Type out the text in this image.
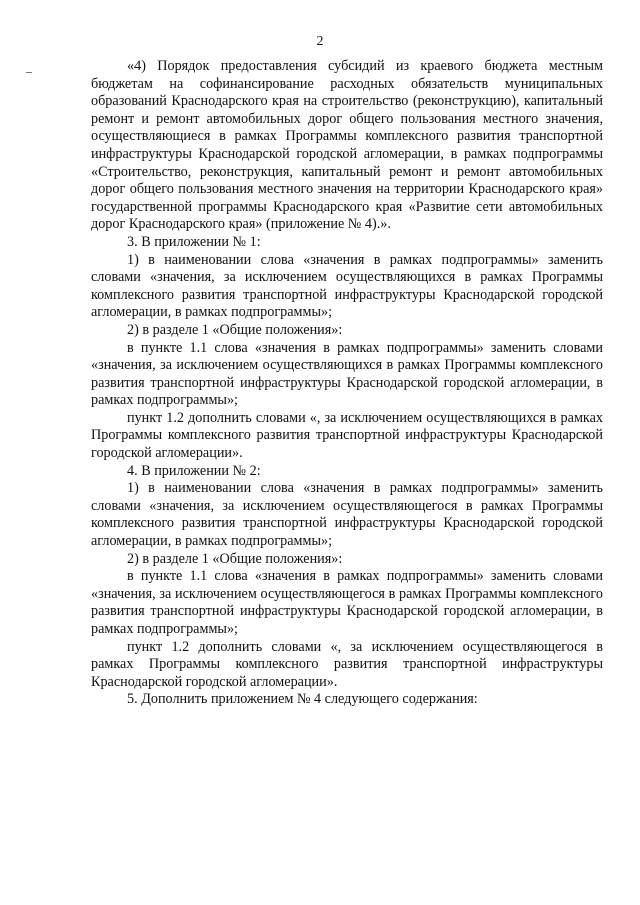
2

«4) Порядок предоставления субсидий из краевого бюджета местным бюджетам на софинансирование расходных обязательств муниципальных образований Краснодарского края на строительство (реконструкцию), капитальный ремонт и ремонт автомобильных дорог общего пользования местного значения, осуществляющиеся в рамках Программы комплексного развития транспортной инфраструктуры Краснодарской городской агломерации, в рамках подпрограммы «Строительство, реконструкция, капитальный ремонт и ремонт автомобильных дорог общего пользования местного значения на территории Краснодарского края» государственной программы Краснодарского края «Развитие сети автомобильных дорог Краснодарского края» (приложение № 4).».

3. В приложении № 1:

1) в наименовании слова «значения в рамках подпрограммы» заменить словами «значения, за исключением осуществляющихся в рамках Программы комплексного развития транспортной инфраструктуры Краснодарской городской агломерации, в рамках подпрограммы»;

2) в разделе 1 «Общие положения»:

в пункте 1.1 слова «значения в рамках подпрограммы» заменить словами «значения, за исключением осуществляющихся в рамках Программы комплексного развития транспортной инфраструктуры Краснодарской городской агломерации, в рамках подпрограммы»;

пункт 1.2 дополнить словами «, за исключением осуществляющихся в рамках Программы комплексного развития транспортной инфраструктуры Краснодарской городской агломерации».

4. В приложении № 2:

1) в наименовании слова «значения в рамках подпрограммы» заменить словами «значения, за исключением осуществляющегося в рамках Программы комплексного развития транспортной инфраструктуры Краснодарской городской агломерации, в рамках подпрограммы»;

2) в разделе 1 «Общие положения»:

в пункте 1.1 слова «значения в рамках подпрограммы» заменить словами «значения, за исключением осуществляющегося в рамках Программы комплексного развития транспортной инфраструктуры Краснодарской городской агломерации, в рамках подпрограммы»;

пункт 1.2 дополнить словами «, за исключением осуществляющегося в рамках Программы комплексного развития транспортной инфраструктуры Краснодарской городской агломерации».

5. Дополнить приложением № 4 следующего содержания:
